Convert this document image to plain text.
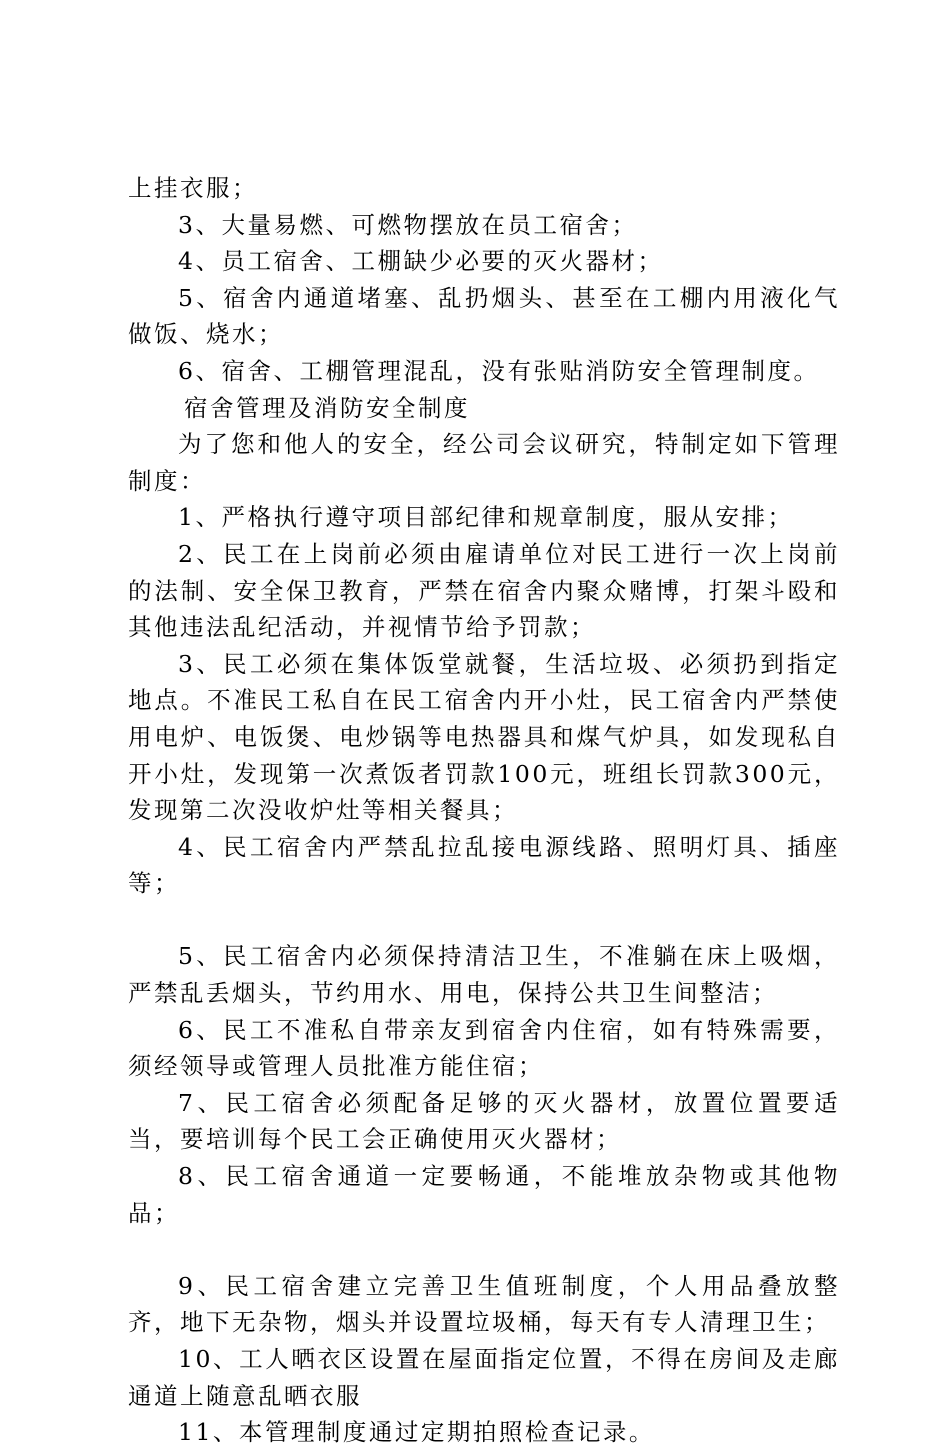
上挂衣服；

3、大量易燃、可燃物摆放在员工宿舍；

4、员工宿舍、工棚缺少必要的灭火器材；

5、宿舍内通道堵塞、乱扔烟头、甚至在工棚内用液化气做饭、烧水；

6、宿舍、工棚管理混乱，没有张贴消防安全管理制度。

宿舍管理及消防安全制度

为了您和他人的安全，经公司会议研究，特制定如下管理制度：

1、严格执行遵守项目部纪律和规章制度，服从安排；

2、民工在上岗前必须由雇请单位对民工进行一次上岗前的法制、安全保卫教育，严禁在宿舍内聚众赌博，打架斗殴和其他违法乱纪活动，并视情节给予罚款；

3、民工必须在集体饭堂就餐，生活垃圾、必须扔到指定地点。不准民工私自在民工宿舍内开小灶，民工宿舍内严禁使用电炉、电饭煲、电炒锅等电热器具和煤气炉具，如发现私自开小灶，发现第一次煮饭者罚款100元，班组长罚款300元，发现第二次没收炉灶等相关餐具；

4、民工宿舍内严禁乱拉乱接电源线路、照明灯具、插座等；

5、民工宿舍内必须保持清洁卫生，不准躺在床上吸烟，严禁乱丢烟头，节约用水、用电，保持公共卫生间整洁；

6、民工不准私自带亲友到宿舍内住宿，如有特殊需要，须经领导或管理人员批准方能住宿；

7、民工宿舍必须配备足够的灭火器材，放置位置要适当，要培训每个民工会正确使用灭火器材；

8、民工宿舍通道一定要畅通，不能堆放杂物或其他物品；

9、民工宿舍建立完善卫生值班制度，个人用品叠放整齐，地下无杂物，烟头并设置垃圾桶，每天有专人清理卫生；

10、工人晒衣区设置在屋面指定位置，不得在房间及走廊通道上随意乱晒衣服

11、本管理制度通过定期拍照检查记录。
